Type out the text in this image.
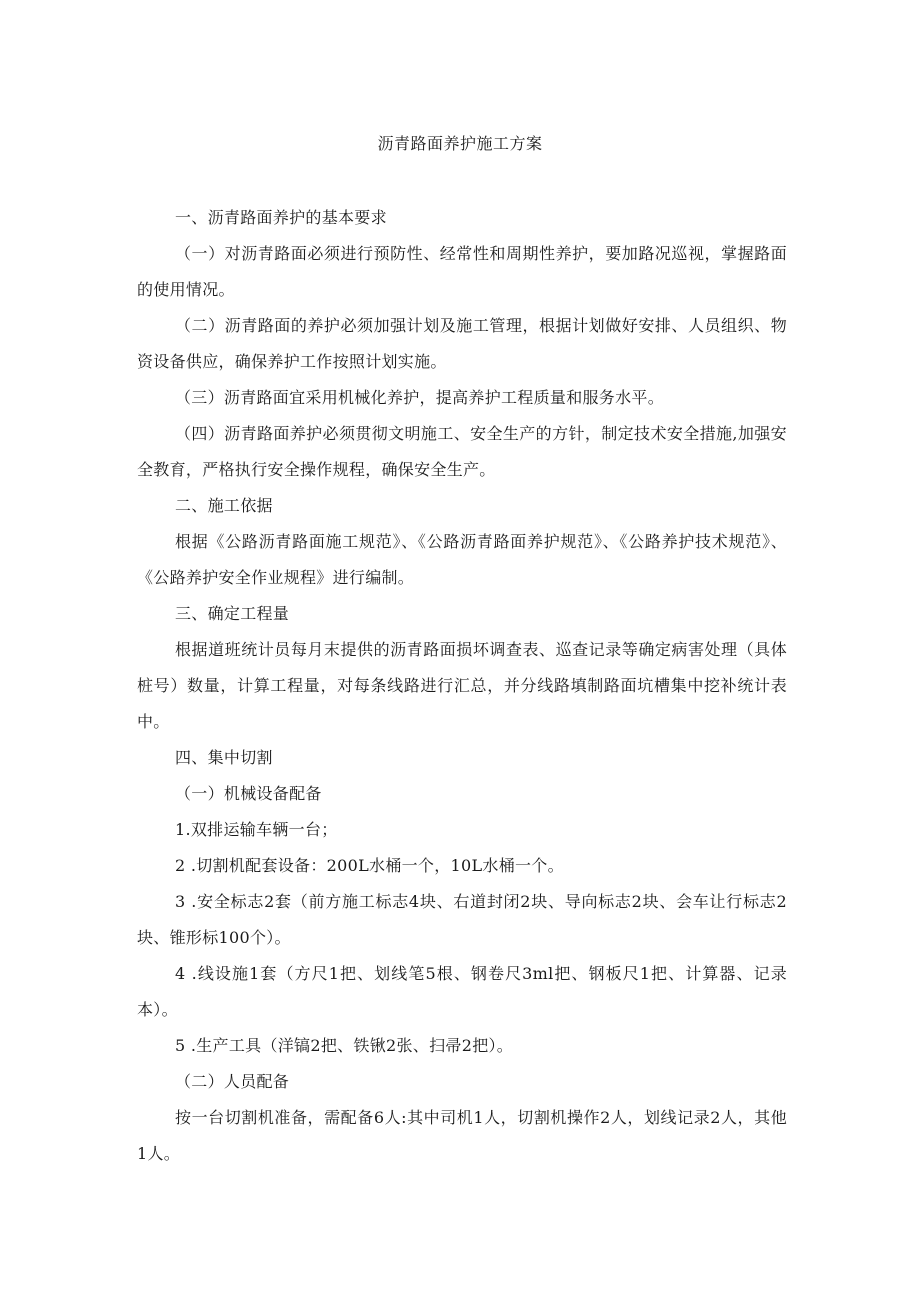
沥青路面养护施工方案

一、沥青路面养护的基本要求

（一）对沥青路面必须进行预防性、经常性和周期性养护，要加路况巡视，掌握路面的使用情况。

（二）沥青路面的养护必须加强计划及施工管理，根据计划做好安排、人员组织、物资设备供应，确保养护工作按照计划实施。

（三）沥青路面宜采用机械化养护，提高养护工程质量和服务水平。

（四）沥青路面养护必须贯彻文明施工、安全生产的方针，制定技术安全措施,加强安全教育，严格执行安全操作规程，确保安全生产。

二、施工依据

根据《公路沥青路面施工规范》、《公路沥青路面养护规范》、《公路养护技术规范》、《公路养护安全作业规程》进行编制。

三、确定工程量

根据道班统计员每月末提供的沥青路面损坏调查表、巡查记录等确定病害处理（具体桩号）数量，计算工程量，对每条线路进行汇总，并分线路填制路面坑槽集中挖补统计表中。

四、集中切割

（一）机械设备配备

1.双排运输车辆一台；

2 .切割机配套设备：200L水桶一个，10L水桶一个。

3 .安全标志2套（前方施工标志4块、右道封闭2块、导向标志2块、会车让行标志2块、锥形标100个）。

4 .线设施1套（方尺1把、划线笔5根、钢卷尺3ml把、钢板尺1把、计算器、记录本）。

5 .生产工具（洋镐2把、铁锹2张、扫帚2把）。

（二）人员配备

按一台切割机准备，需配备6人:其中司机1人，切割机操作2人，划线记录2人，其他1人。
